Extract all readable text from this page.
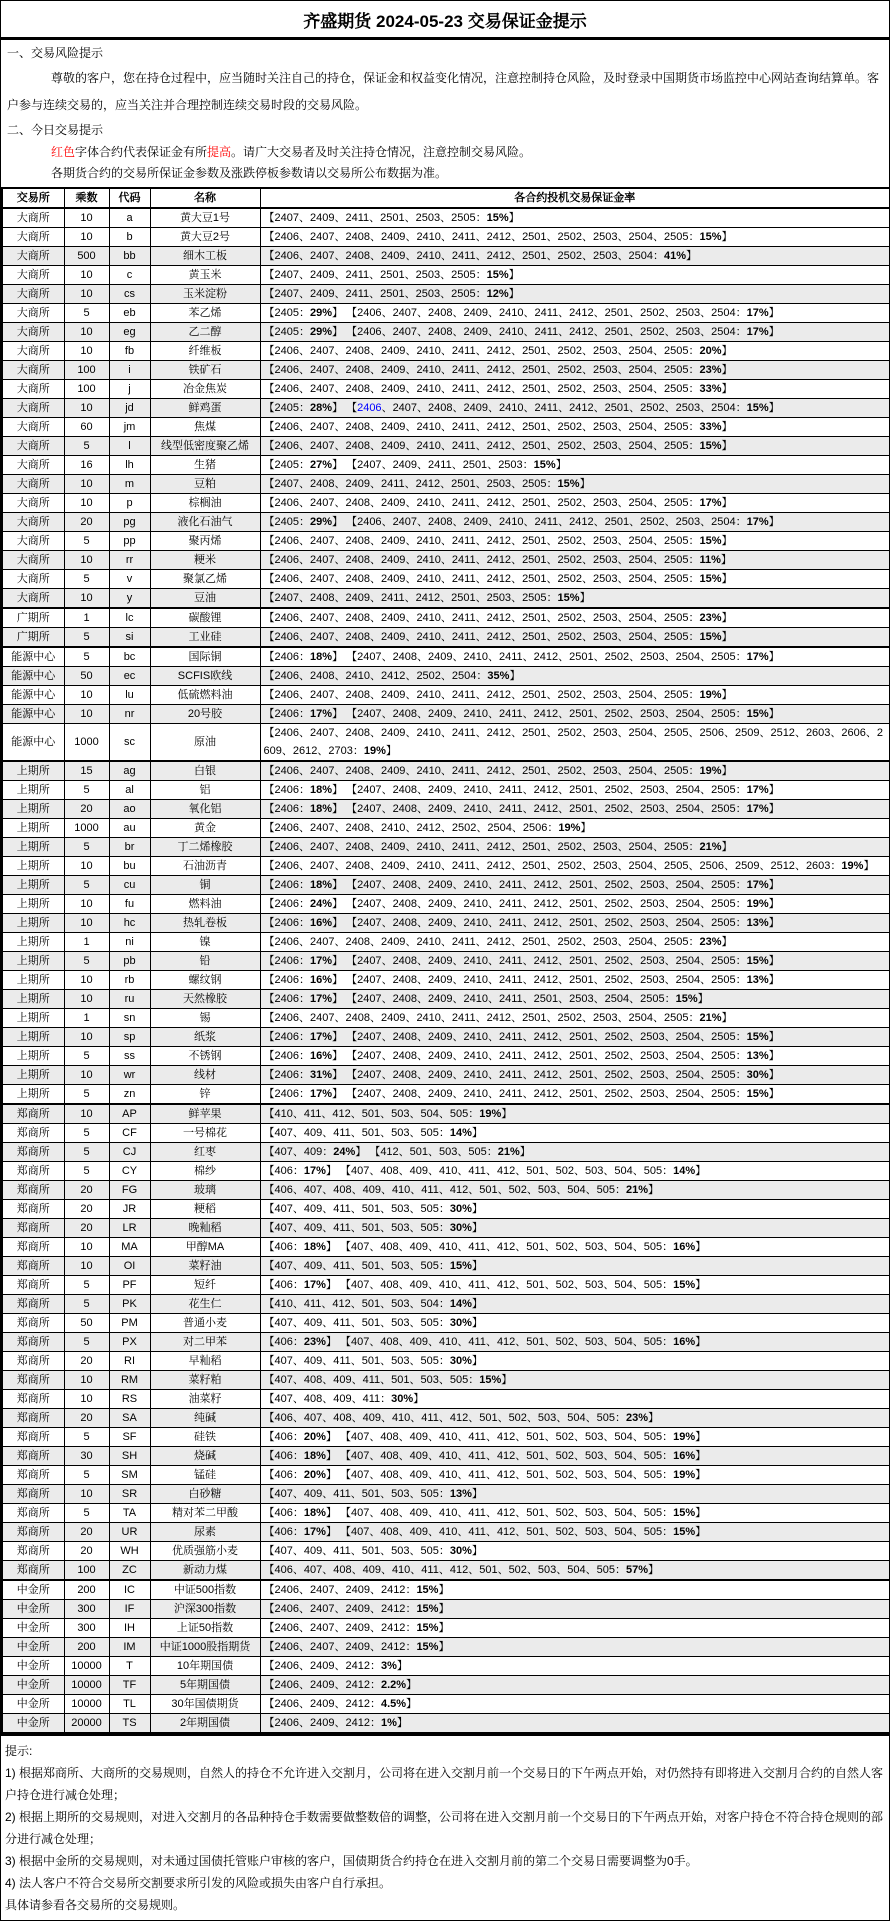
齐盛期货 2024-05-23 交易保证金提示
一、交易风险提示

尊敬的客户，您在持仓过程中，应当随时关注自己的持仓，保证金和权益变化情况，注意控制持仓风险，及时登录中国期货市场监控中心网站查询结算单。客户参与连续交易的，应当关注并合理控制连续交易时段的交易风险。

二、今日交易提示

红色字体合约代表保证金有所提高。请广大交易者及时关注持仓情况，注意控制交易风险。

各期货合约的交易所保证金参数及涨跌停板参数请以交易所公布数据为准。

交易所	乘数	代码	名称	各合约投机交易保证金率
大商所	10	a	黄大豆1号	【2407、2409、2411、2501、2503、2505：15%】
大商所	10	b	黄大豆2号	【2406、2407、2408、2409、2410、2411、2412、2501、2502、2503、2504、2505：15%】
大商所	500	bb	细木工板	【2406、2407、2408、2409、2410、2411、2412、2501、2502、2503、2504：41%】
大商所	10	c	黄玉米	【2407、2409、2411、2501、2503、2505：15%】
大商所	10	cs	玉米淀粉	【2407、2409、2411、2501、2503、2505：12%】
大商所	5	eb	苯乙烯	【2405：29%】 【2406、2407、2408、2409、2410、2411、2412、2501、2502、2503、2504：17%】
大商所	10	eg	乙二醇	【2405：29%】 【2406、2407、2408、2409、2410、2411、2412、2501、2502、2503、2504：17%】
大商所	10	fb	纤维板	【2406、2407、2408、2409、2410、2411、2412、2501、2502、2503、2504、2505：20%】
大商所	100	i	铁矿石	【2406、2407、2408、2409、2410、2411、2412、2501、2502、2503、2504、2505：23%】
大商所	100	j	冶金焦炭	【2406、2407、2408、2409、2410、2411、2412、2501、2502、2503、2504、2505：33%】
大商所	10	jd	鲜鸡蛋	【2405：28%】 【2406、2407、2408、2409、2410、2411、2412、2501、2502、2503、2504：15%】
大商所	60	jm	焦煤	【2406、2407、2408、2409、2410、2411、2412、2501、2502、2503、2504、2505：33%】
大商所	5	l	线型低密度聚乙烯	【2406、2407、2408、2409、2410、2411、2412、2501、2502、2503、2504、2505：15%】
大商所	16	lh	生猪	【2405：27%】 【2407、2409、2411、2501、2503：15%】
大商所	10	m	豆粕	【2407、2408、2409、2411、2412、2501、2503、2505：15%】
大商所	10	p	棕榈油	【2406、2407、2408、2409、2410、2411、2412、2501、2502、2503、2504、2505：17%】
大商所	20	pg	液化石油气	【2405：29%】 【2406、2407、2408、2409、2410、2411、2412、2501、2502、2503、2504：17%】
大商所	5	pp	聚丙烯	【2406、2407、2408、2409、2410、2411、2412、2501、2502、2503、2504、2505：15%】
大商所	10	rr	粳米	【2406、2407、2408、2409、2410、2411、2412、2501、2502、2503、2504、2505：11%】
大商所	5	v	聚氯乙烯	【2406、2407、2408、2409、2410、2411、2412、2501、2502、2503、2504、2505：15%】
大商所	10	y	豆油	【2407、2408、2409、2411、2412、2501、2503、2505：15%】
广期所	1	lc	碳酸锂	【2406、2407、2408、2409、2410、2411、2412、2501、2502、2503、2504、2505：23%】
广期所	5	si	工业硅	【2406、2407、2408、2409、2410、2411、2412、2501、2502、2503、2504、2505：15%】
能源中心	5	bc	国际铜	【2406：18%】 【2407、2408、2409、2410、2411、2412、2501、2502、2503、2504、2505：17%】
能源中心	50	ec	SCFIS欧线	【2406、2408、2410、2412、2502、2504：35%】
能源中心	10	lu	低硫燃料油	【2406、2407、2408、2409、2410、2411、2412、2501、2502、2503、2504、2505：19%】
能源中心	10	nr	20号胶	【2406：17%】 【2407、2408、2409、2410、2411、2412、2501、2502、2503、2504、2505：15%】
能源中心	1000	sc	原油	【2406、2407、2408、2409、2410、2411、2412、2501、2502、2503、2504、2505、2506、2509、2512、2603、2606、2609、2612、2703：19%】
上期所	15	ag	白银	【2406、2407、2408、2409、2410、2411、2412、2501、2502、2503、2504、2505：19%】
上期所	5	al	铝	【2406：18%】 【2407、2408、2409、2410、2411、2412、2501、2502、2503、2504、2505：17%】
上期所	20	ao	氧化铝	【2406：18%】 【2407、2408、2409、2410、2411、2412、2501、2502、2503、2504、2505：17%】
上期所	1000	au	黄金	【2406、2407、2408、2410、2412、2502、2504、2506：19%】
上期所	5	br	丁二烯橡胶	【2406、2407、2408、2409、2410、2411、2412、2501、2502、2503、2504、2505：21%】
上期所	10	bu	石油沥青	【2406、2407、2408、2409、2410、2411、2412、2501、2502、2503、2504、2505、2506、2509、2512、2603：19%】
上期所	5	cu	铜	【2406：18%】 【2407、2408、2409、2410、2411、2412、2501、2502、2503、2504、2505：17%】
上期所	10	fu	燃料油	【2406：24%】 【2407、2408、2409、2410、2411、2412、2501、2502、2503、2504、2505：19%】
上期所	10	hc	热轧卷板	【2406：16%】 【2407、2408、2409、2410、2411、2412、2501、2502、2503、2504、2505：13%】
上期所	1	ni	镍	【2406、2407、2408、2409、2410、2411、2412、2501、2502、2503、2504、2505：23%】
上期所	5	pb	铅	【2406：17%】 【2407、2408、2409、2410、2411、2412、2501、2502、2503、2504、2505：15%】
上期所	10	rb	螺纹钢	【2406：16%】 【2407、2408、2409、2410、2411、2412、2501、2502、2503、2504、2505：13%】
上期所	10	ru	天然橡胶	【2406：17%】 【2407、2408、2409、2410、2411、2501、2503、2504、2505：15%】
上期所	1	sn	锡	【2406、2407、2408、2409、2410、2411、2412、2501、2502、2503、2504、2505：21%】
上期所	10	sp	纸浆	【2406：17%】 【2407、2408、2409、2410、2411、2412、2501、2502、2503、2504、2505：15%】
上期所	5	ss	不锈钢	【2406：16%】 【2407、2408、2409、2410、2411、2412、2501、2502、2503、2504、2505：13%】
上期所	10	wr	线材	【2406：31%】 【2407、2408、2409、2410、2411、2412、2501、2502、2503、2504、2505：30%】
上期所	5	zn	锌	【2406：17%】 【2407、2408、2409、2410、2411、2412、2501、2502、2503、2504、2505：15%】
郑商所	10	AP	鲜苹果	【410、411、412、501、503、504、505：19%】
郑商所	5	CF	一号棉花	【407、409、411、501、503、505：14%】
郑商所	5	CJ	红枣	【407、409：24%】 【412、501、503、505：21%】
郑商所	5	CY	棉纱	【406：17%】 【407、408、409、410、411、412、501、502、503、504、505：14%】
郑商所	20	FG	玻璃	【406、407、408、409、410、411、412、501、502、503、504、505：21%】
郑商所	20	JR	粳稻	【407、409、411、501、503、505：30%】
郑商所	20	LR	晚籼稻	【407、409、411、501、503、505：30%】
郑商所	10	MA	甲醇MA	【406：18%】 【407、408、409、410、411、412、501、502、503、504、505：16%】
郑商所	10	OI	菜籽油	【407、409、411、501、503、505：15%】
郑商所	5	PF	短纤	【406：17%】 【407、408、409、410、411、412、501、502、503、504、505：15%】
郑商所	5	PK	花生仁	【410、411、412、501、503、504：14%】
郑商所	50	PM	普通小麦	【407、409、411、501、503、505：30%】
郑商所	5	PX	对二甲苯	【406：23%】 【407、408、409、410、411、412、501、502、503、504、505：16%】
郑商所	20	RI	早籼稻	【407、409、411、501、503、505：30%】
郑商所	10	RM	菜籽粕	【407、408、409、411、501、503、505：15%】
郑商所	10	RS	油菜籽	【407、408、409、411：30%】
郑商所	20	SA	纯碱	【406、407、408、409、410、411、412、501、502、503、504、505：23%】
郑商所	5	SF	硅铁	【406：20%】 【407、408、409、410、411、412、501、502、503、504、505：19%】
郑商所	30	SH	烧碱	【406：18%】 【407、408、409、410、411、412、501、502、503、504、505：16%】
郑商所	5	SM	锰硅	【406：20%】 【407、408、409、410、411、412、501、502、503、504、505：19%】
郑商所	10	SR	白砂糖	【407、409、411、501、503、505：13%】
郑商所	5	TA	精对苯二甲酸	【406：18%】 【407、408、409、410、411、412、501、502、503、504、505：15%】
郑商所	20	UR	尿素	【406：17%】 【407、408、409、410、411、412、501、502、503、504、505：15%】
郑商所	20	WH	优质强筋小麦	【407、409、411、501、503、505：30%】
郑商所	100	ZC	新动力煤	【406、407、408、409、410、411、412、501、502、503、504、505：57%】
中金所	200	IC	中证500指数	【2406、2407、2409、2412：15%】
中金所	300	IF	沪深300指数	【2406、2407、2409、2412：15%】
中金所	300	IH	上证50指数	【2406、2407、2409、2412：15%】
中金所	200	IM	中证1000股指期货	【2406、2407、2409、2412：15%】
中金所	10000	T	10年期国债	【2406、2409、2412：3%】
中金所	10000	TF	5年期国债	【2406、2409、2412：2.2%】
中金所	10000	TL	30年国债期货	【2406、2409、2412：4.5%】
中金所	20000	TS	2年期国债	【2406、2409、2412：1%】
提示:
1) 根据郑商所、大商所的交易规则，自然人的持仓不允许进入交割月，公司将在进入交割月前一个交易日的下午两点开始，对仍然持有即将进入交割月合约的自然人客户持仓进行减仓处理；
2) 根据上期所的交易规则，对进入交割月的各品种持仓手数需要做整数倍的调整，公司将在进入交割月前一个交易日的下午两点开始，对客户持仓不符合持仓规则的部分进行减仓处理；
3) 根据中金所的交易规则，对未通过国债托管账户审核的客户，国债期货合约持仓在进入交割月前的第二个交易日需要调整为0手。
4) 法人客户不符合交易所交割要求所引发的风险或损失由客户自行承担。
具体请参看各交易所的交易规则。
